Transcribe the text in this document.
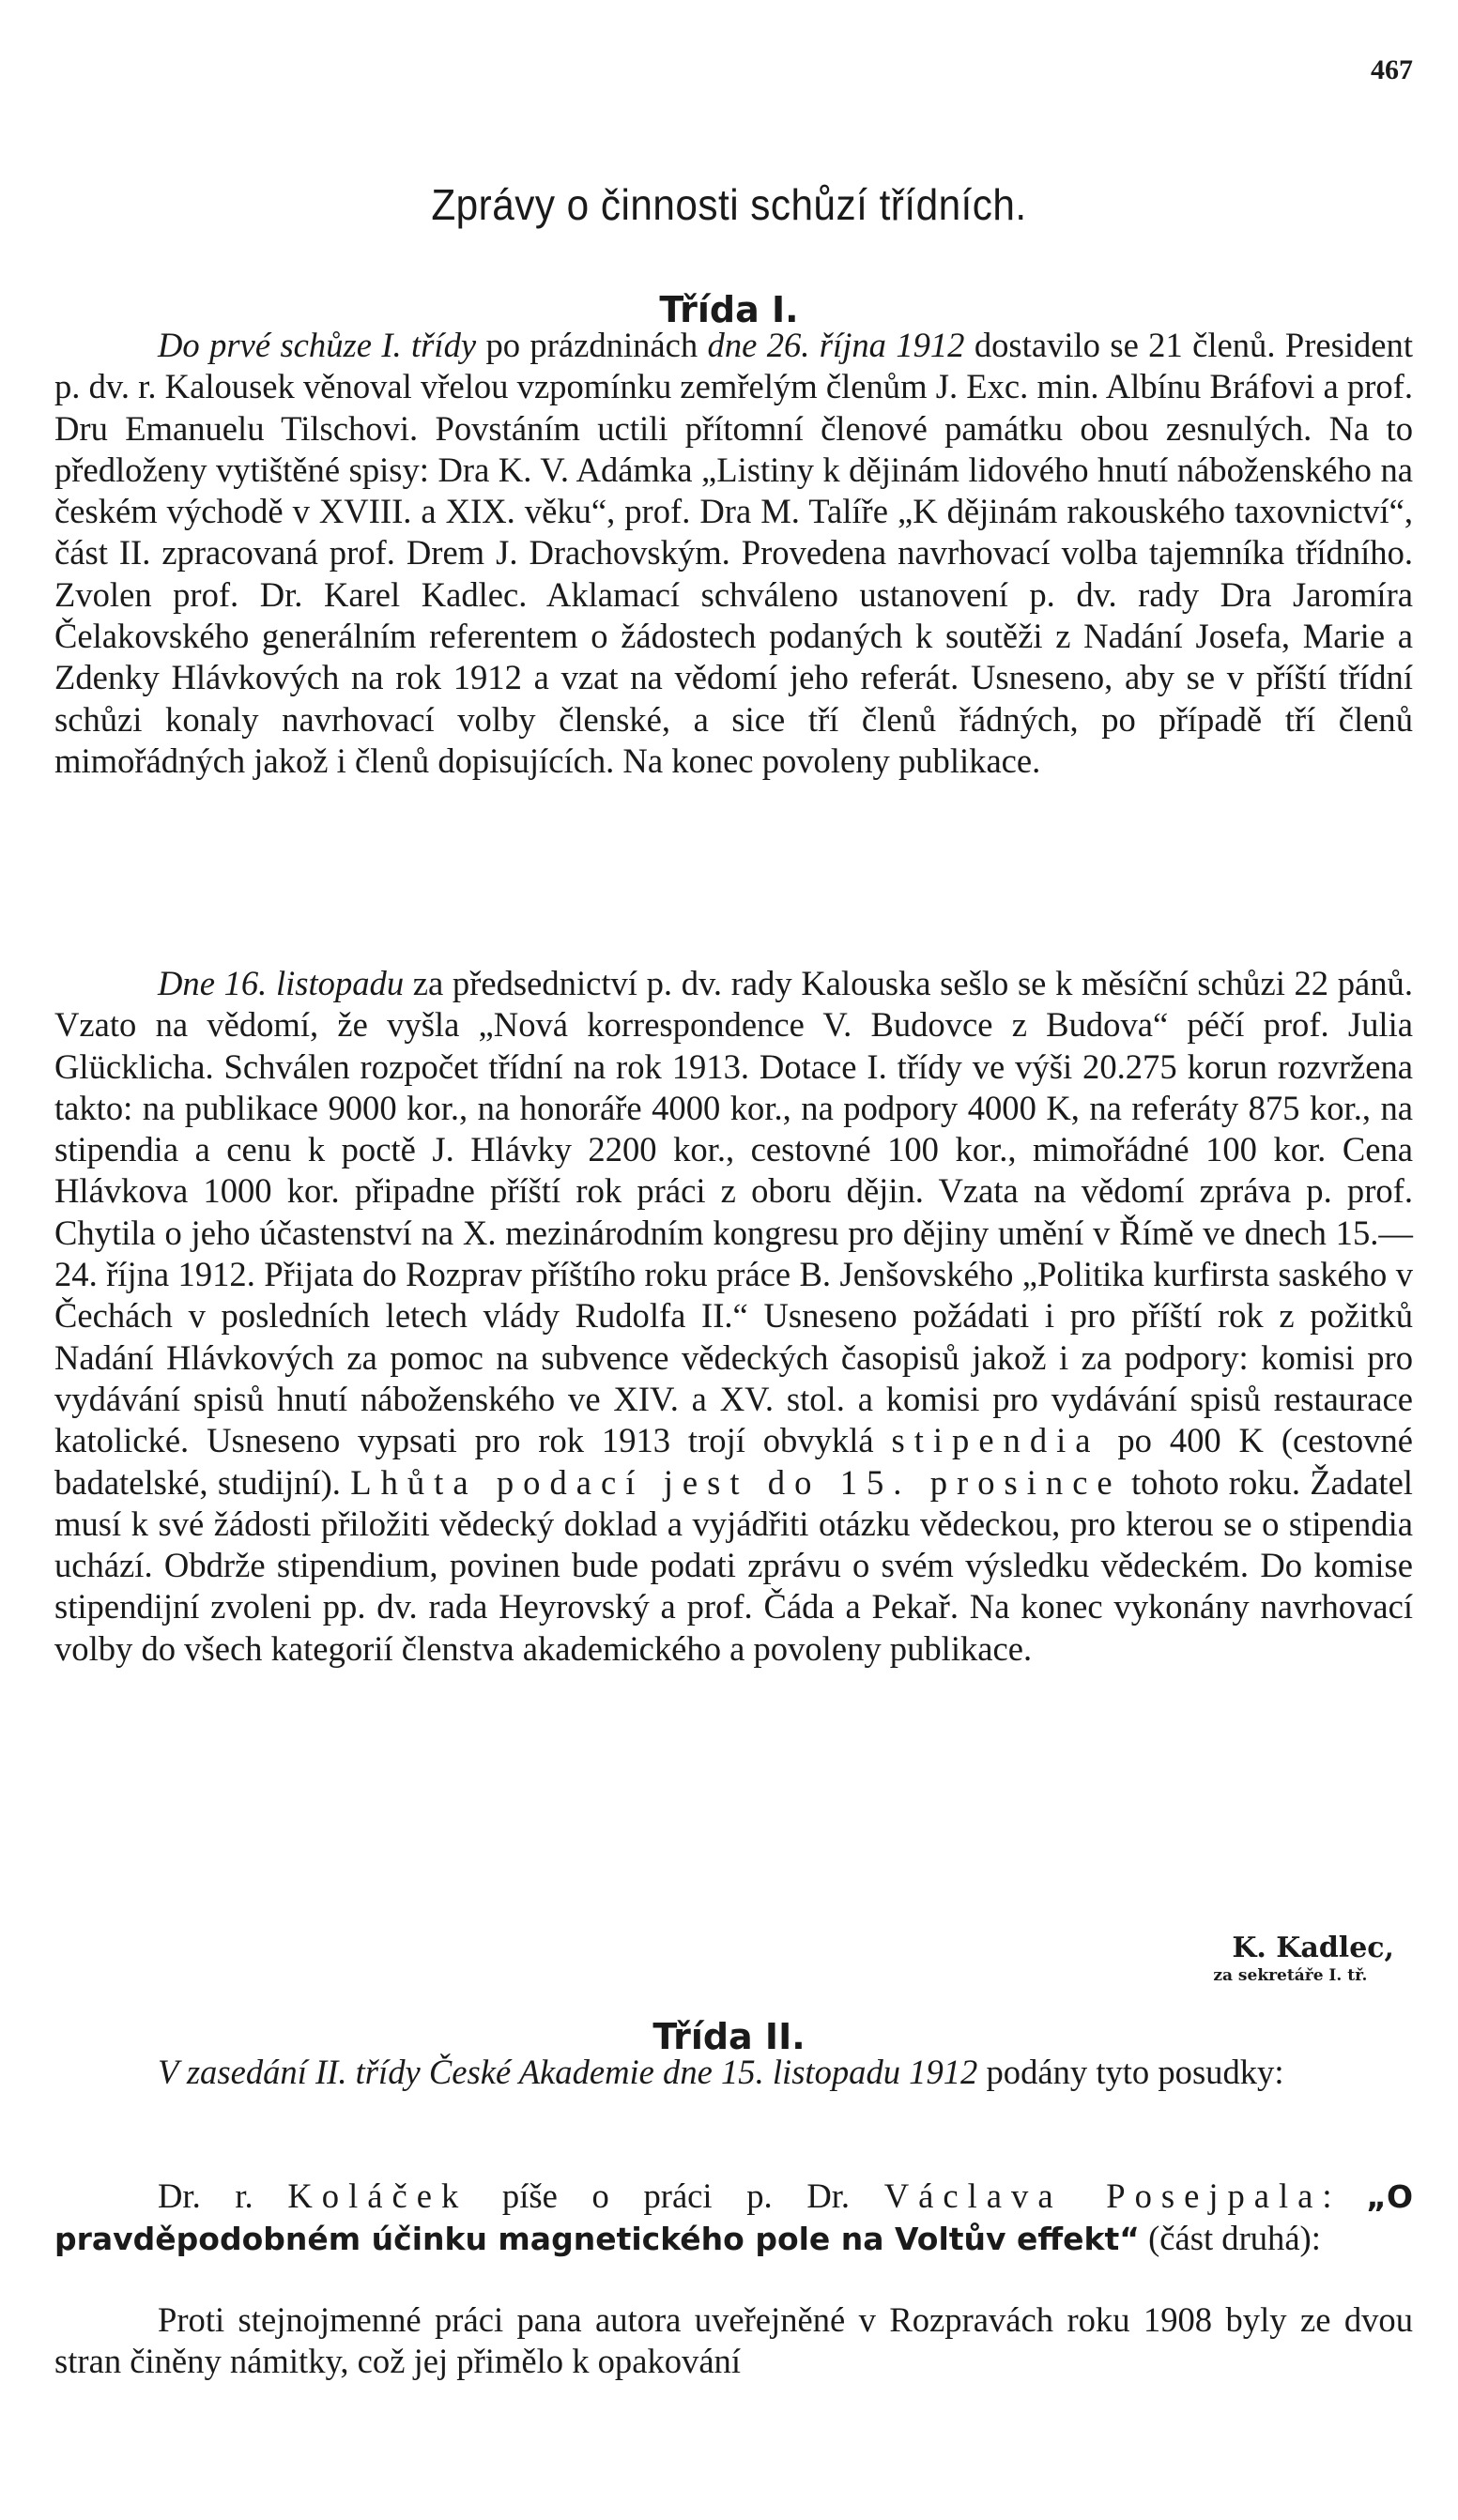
467
Zprávy o činnosti schůzí třídních.
Třída I.

Do prvé schůze I. třídy po prázdninách dne 26. října 1912 dostavilo se 21 členů. President p. dv. r. Kalousek věnoval vřelou vzpomínku zemřelým členům J. Exc. min. Albínu Bráfovi a prof. Dru Emanuelu Tilschovi. Povstáním uctili přítomní členové památku obou zesnulých. Na to předloženy vytištěné spisy: Dra K. V. Adámka „Listiny k dějinám lidového hnutí náboženského na českém východě v XVIII. a XIX. věku“, prof. Dra M. Talíře „K dějinám rakouského taxovnictví“, část II. zpracovaná prof. Drem J. Drachovským. Provedena navrhovací volba tajemníka třídního. Zvolen prof. Dr. Karel Kadlec. Aklamací schváleno ustanovení p. dv. rady Dra Jaromíra Čelakovského generálním referentem o žádostech podaných k soutěži z Nadání Josefa, Marie a Zdenky Hlávkových na rok 1912 a vzat na vědomí jeho referát. Usneseno, aby se v příští třídní schůzi konaly navrhovací volby členské, a sice tří členů řádných, po případě tří členů mimořádných jakož i členů dopisujících. Na konec povoleny publikace.

Dne 16. listopadu za předsednictví p. dv. rady Kalouska sešlo se k měsíční schůzi 22 pánů. Vzato na vědomí, že vyšla „Nová korrespondence V. Budovce z Budova“ péčí prof. Julia Glücklicha. Schválen rozpočet třídní na rok 1913. Dotace I. třídy ve výši 20.275 korun rozvržena takto: na publikace 9000 kor., na honoráře 4000 kor., na podpory 4000 K, na referáty 875 kor., na stipendia a cenu k poctě J. Hlávky 2200 kor., cestovné 100 kor., mimořádné 100 kor. Cena Hlávkova 1000 kor. připadne příští rok práci z oboru dějin. Vzata na vědomí zpráva p. prof. Chytila o jeho účastenství na X. mezinárodním kongresu pro dějiny umění v Římě ve dnech 15.—24. října 1912. Přijata do Rozprav příštího roku práce B. Jenšovského „Politika kurfirsta saského v Čechách v posledních letech vlády Rudolfa II.“ Usneseno požádati i pro příští rok z požitků Nadání Hlávkových za pomoc na subvence vědeckých časopisů jakož i za podpory: komisi pro vydávání spisů hnutí náboženského ve XIV. a XV. stol. a komisi pro vydávání spisů restaurace katolické. Usneseno vypsati pro rok 1913 trojí obvyklá stipendia po 400 K (cestovné badatelské, studijní). Lhůta podací jest do 15. prosince tohoto roku. Žadatel musí k své žádosti přiložiti vědecký doklad a vyjádřiti otázku vědeckou, pro kterou se o stipendia uchází. Obdrže stipendium, povinen bude podati zprávu o svém výsledku vědeckém. Do komise stipendijní zvoleni pp. dv. rada Heyrovský a prof. Čáda a Pekař. Na konec vykonány navrhovací volby do všech kategorií členstva akademického a povoleny publikace.

K. Kadlec,
za sekretáře I. tř.
Třída II.

V zasedání II. třídy České Akademie dne 15. listopadu 1912 podány tyto posudky:

Dr. r. Koláček píše o práci p. Dr. Václava Posejpala: „O pravděpodobném účinku magnetického pole na Voltův effekt“ (část druhá):

Proti stejnojmenné práci pana autora uveřejněné v Rozpravách roku 1908 byly ze dvou stran činěny námitky, což jej přimělo k opakování
